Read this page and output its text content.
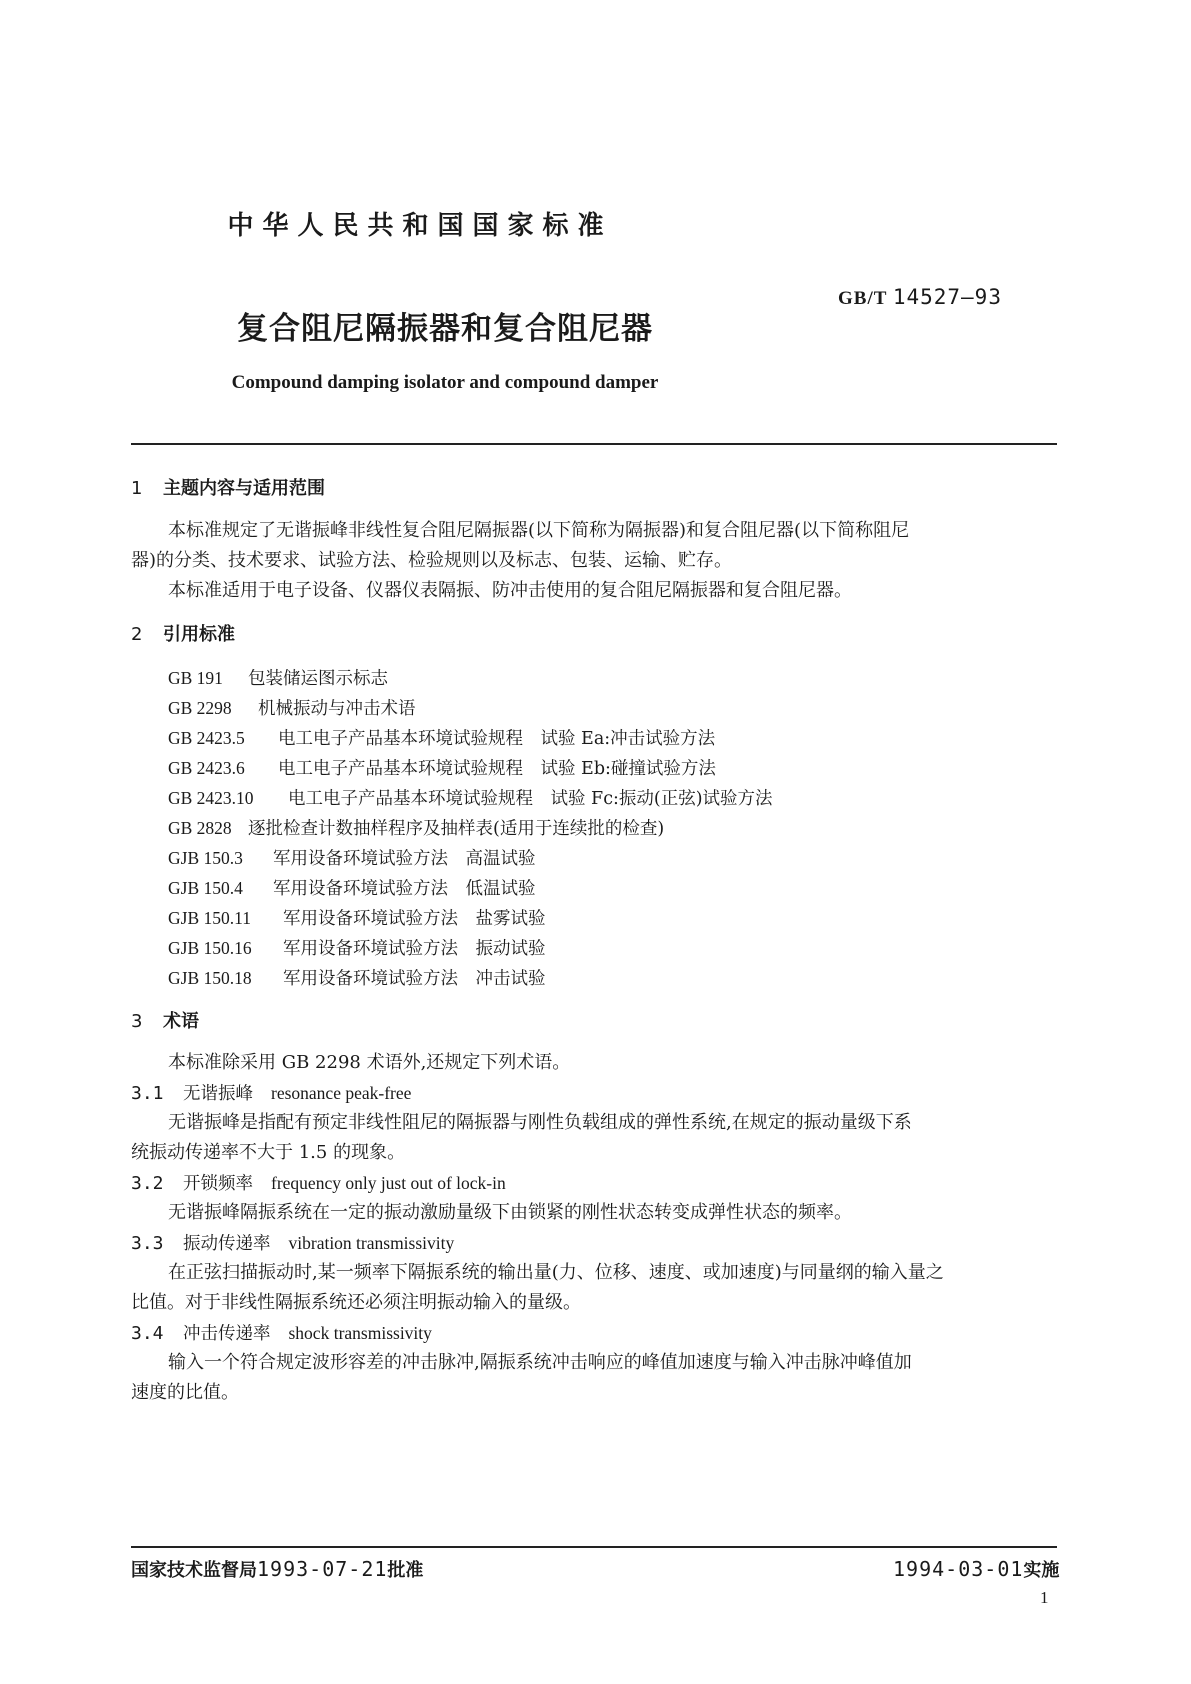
中华人民共和国国家标准
GB/T 14527—93
复合阻尼隔振器和复合阻尼器
Compound damping isolator and compound damper
1 主题内容与适用范围
本标准规定了无谐振峰非线性复合阻尼隔振器(以下简称为隔振器)和复合阻尼器(以下简称阻尼
器)的分类、技术要求、试验方法、检验规则以及标志、包装、运输、贮存。
本标准适用于电子设备、仪器仪表隔振、防冲击使用的复合阻尼隔振器和复合阻尼器。
2 引用标准
GB 191 包装储运图示标志
GB 2298 机械振动与冲击术语
GB 2423.5 电工电子产品基本环境试验规程　试验 Ea:冲击试验方法
GB 2423.6 电工电子产品基本环境试验规程　试验 Eb:碰撞试验方法
GB 2423.10 电工电子产品基本环境试验规程　试验 Fc:振动(正弦)试验方法
GB 2828 逐批检查计数抽样程序及抽样表(适用于连续批的检查)
GJB 150.3 军用设备环境试验方法　高温试验
GJB 150.4 军用设备环境试验方法　低温试验
GJB 150.11 军用设备环境试验方法　盐雾试验
GJB 150.16 军用设备环境试验方法　振动试验
GJB 150.18 军用设备环境试验方法　冲击试验
3 术语
本标准除采用 GB 2298 术语外,还规定下列术语。
3.1 无谐振峰 resonance peak-free
无谐振峰是指配有预定非线性阻尼的隔振器与刚性负载组成的弹性系统,在规定的振动量级下系
统振动传递率不大于 1.5 的现象。
3.2 开锁频率 frequency only just out of lock-in
无谐振峰隔振系统在一定的振动激励量级下由锁紧的刚性状态转变成弹性状态的频率。
3.3 振动传递率 vibration transmissivity
在正弦扫描振动时,某一频率下隔振系统的输出量(力、位移、速度、或加速度)与同量纲的输入量之
比值。对于非线性隔振系统还必须注明振动输入的量级。
3.4 冲击传递率 shock transmissivity
输入一个符合规定波形容差的冲击脉冲,隔振系统冲击响应的峰值加速度与输入冲击脉冲峰值加
速度的比值。
国家技术监督局1993-07-21批准	1994-03-01实施
1
